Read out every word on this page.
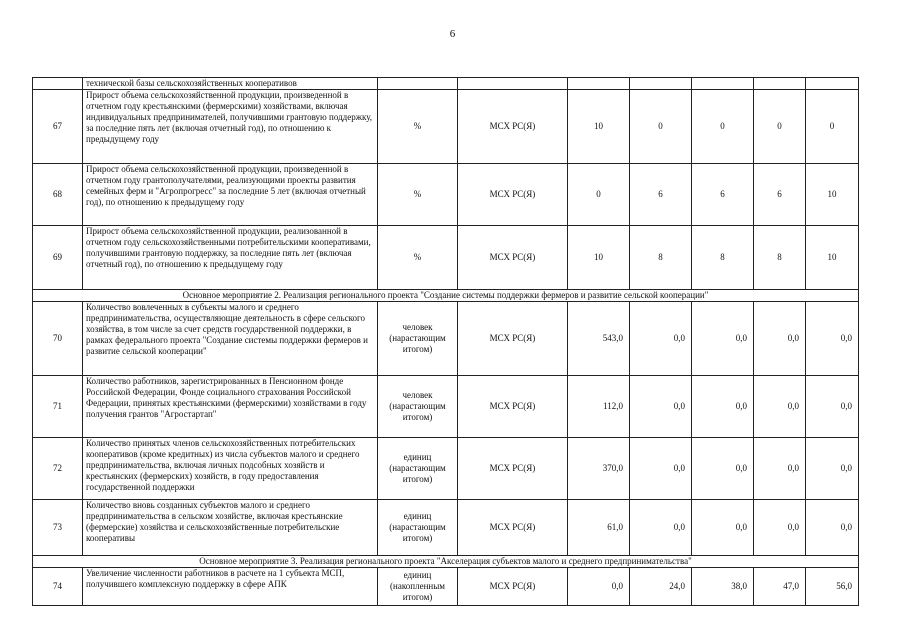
6
	технической базы сельскохозяйственных кооперативов							
67	Прирост объема сельскохозяйственной продукции, произведенной в отчетном году крестьянскими (фермерскими) хозяйствами, включая индивидуальных предпринимателей, получившими грантовую поддержку, за последние пять лет (включая отчетный год), по отношению к предыдущему году	%	МСХ РС(Я)	10	0	0	0	0
68	Прирост объема сельскохозяйственной продукции, произведенной в отчетном году грантополучателями, реализующими проекты развития семейных ферм и "Агропрогресс" за последние 5 лет (включая отчетный год), по отношению к предыдущему году	%	МСХ РС(Я)	0	6	6	6	10
69	Прирост объема сельскохозяйственной продукции, реализованной в отчетном году сельскохозяйственными потребительскими кооперативами, получившими грантовую поддержку, за последние пять лет (включая отчетный год), по отношению к предыдущему году	%	МСХ РС(Я)	10	8	8	8	10
Основное мероприятие 2. Реализация регионального проекта "Создание системы поддержки фермеров и развитие сельской кооперации"								
70	Количество вовлеченных в субъекты малого и среднего предпринимательства, осуществляющие деятельность в сфере сельского хозяйства, в том числе за счет средств государственной поддержки, в рамках федерального проекта "Создание системы поддержки фермеров и развитие сельской кооперации"	человек (нарастающим итогом)	МСХ РС(Я)	543,0	0,0	0,0	0,0	0,0
71	Количество работников, зарегистрированных в Пенсионном фонде Российской Федерации, Фонде социального страхования Российской Федерации, принятых крестьянскими (фермерскими) хозяйствами в году получения грантов "Агростартап"	человек (нарастающим итогом)	МСХ РС(Я)	112,0	0,0	0,0	0,0	0,0
72	Количество принятых членов сельскохозяйственных потребительских кооперативов (кроме кредитных) из числа субъектов малого и среднего предпринимательства, включая личных подсобных хозяйств и крестьянских (фермерских) хозяйств, в году предоставления государственной поддержки	единиц (нарастающим итогом)	МСХ РС(Я)	370,0	0,0	0,0	0,0	0,0
73	Количество вновь созданных субъектов малого и среднего предпринимательства в сельском хозяйстве, включая крестьянские (фермерские) хозяйства и сельскохозяйственные потребительские кооперативы	единиц (нарастающим итогом)	МСХ РС(Я)	61,0	0,0	0,0	0,0	0,0
Основное мероприятие 3. Реализация регионального проекта "Акселерация субъектов малого и среднего предпринимательства"								
74	Увеличение численности работников в расчете на 1 субъекта МСП, получившего комплексную поддержку в сфере АПК	единиц (накопленным итогом)	МСХ РС(Я)	0,0	24,0	38,0	47,0	56,0
